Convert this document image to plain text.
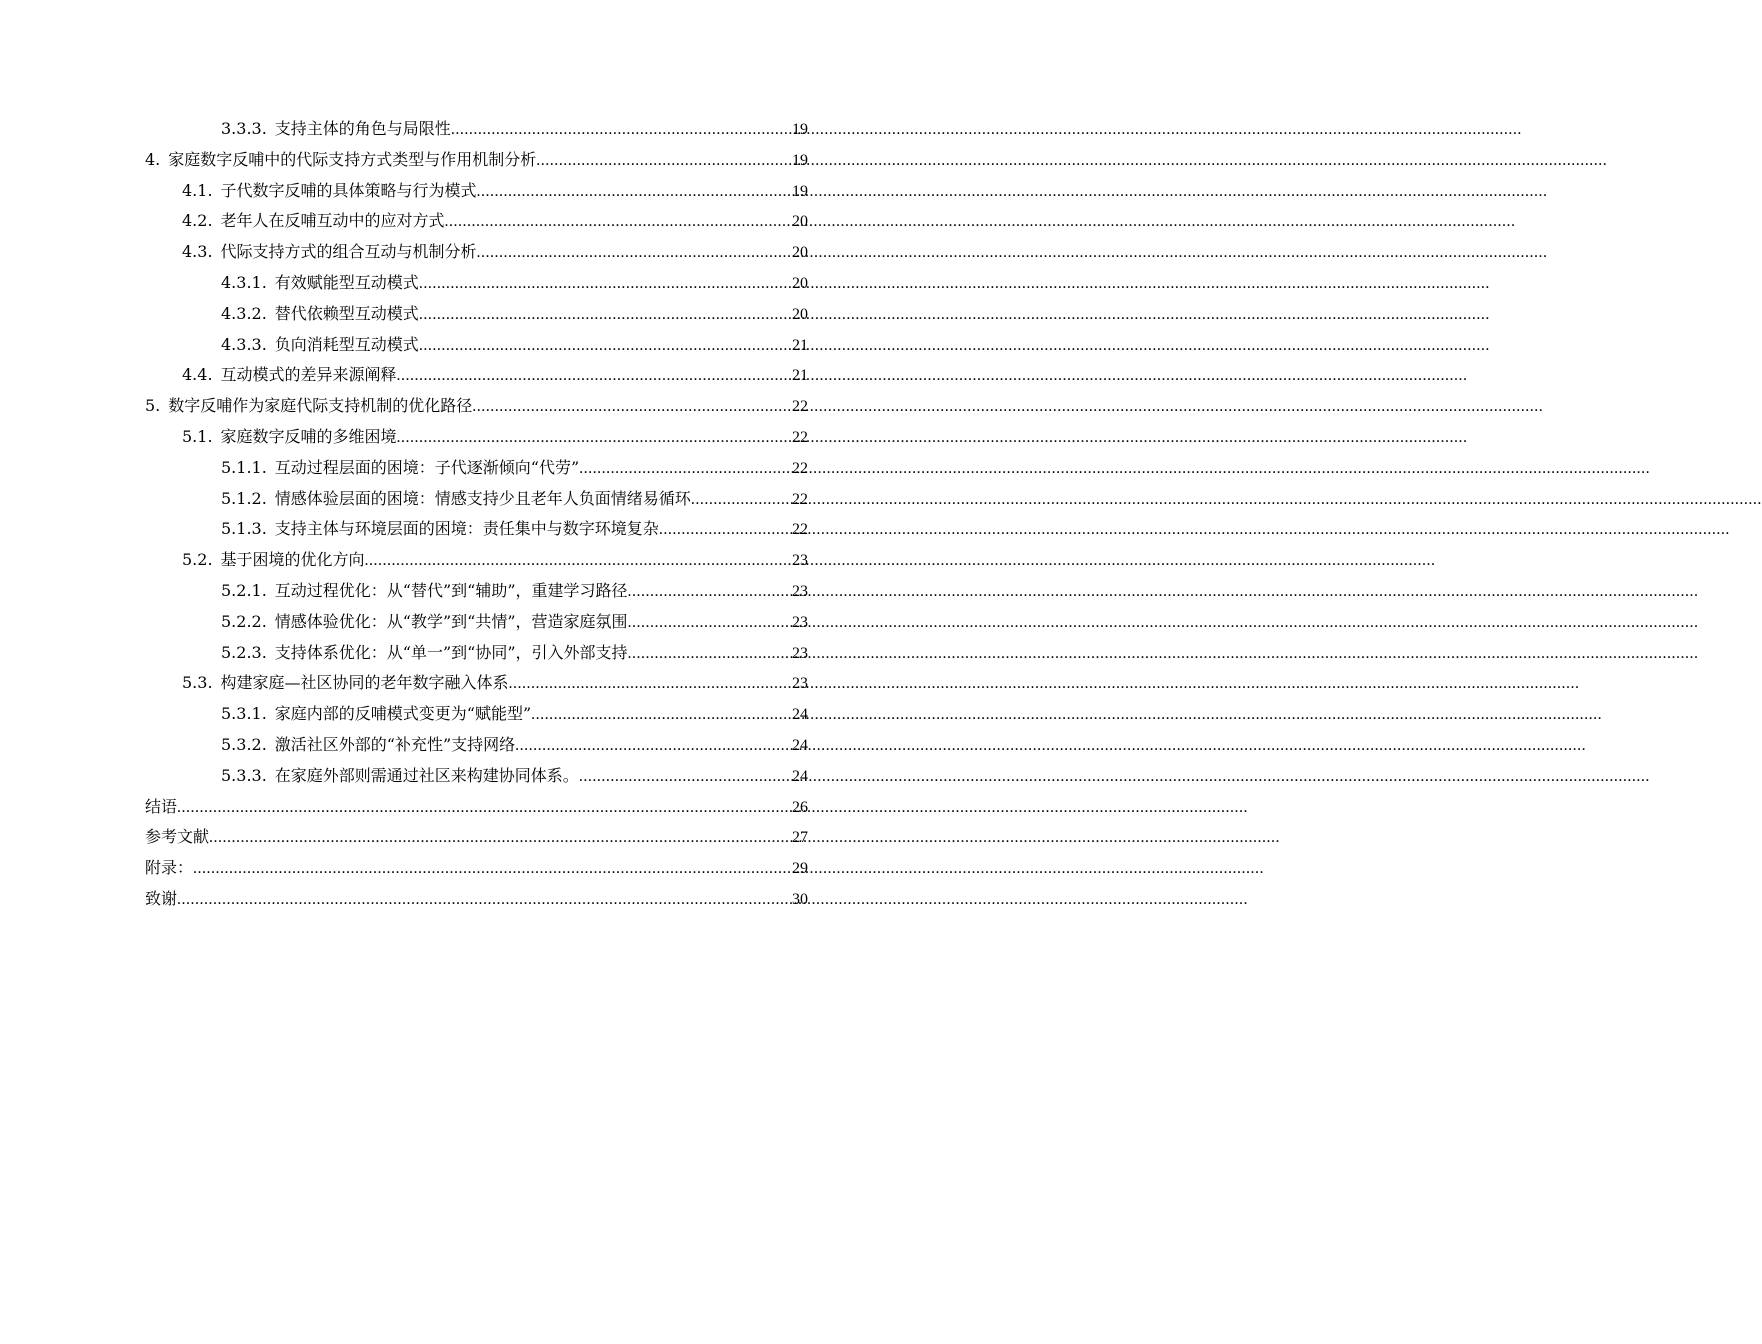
3.3.3. 支持主体的角色与局限性 .....	19
4. 家庭数字反哺中的代际支持方式类型与作用机制分析 .....	19
4.1. 子代数字反哺的具体策略与行为模式 .....	19
4.2. 老年人在反哺互动中的应对方式 .....	20
4.3. 代际支持方式的组合互动与机制分析 .....	20
4.3.1. 有效赋能型互动模式 .....	20
4.3.2. 替代依赖型互动模式 .....	20
4.3.3. 负向消耗型互动模式 .....	21
4.4. 互动模式的差异来源阐释 .....	21
5. 数字反哺作为家庭代际支持机制的优化路径 .....	22
5.1. 家庭数字反哺的多维困境 .....	22
5.1.1. 互动过程层面的困境：子代逐渐倾向“代劳” .....	22
5.1.2. 情感体验层面的困境：情感支持少且老年人负面情绪易循环 .....	22
5.1.3. 支持主体与环境层面的困境：责任集中与数字环境复杂 .....	22
5.2. 基于困境的优化方向 .....	23
5.2.1. 互动过程优化：从“替代”到“辅助”，重建学习路径 .....	23
5.2.2. 情感体验优化：从“教学”到“共情”，营造家庭氛围 .....	23
5.2.3. 支持体系优化：从“单一”到“协同”，引入外部支持 .....	23
5.3. 构建家庭—社区协同的老年数字融入体系 .....	23
5.3.1. 家庭内部的反哺模式变更为“赋能型” .....	24
5.3.2. 激活社区外部的“补充性”支持网络 .....	24
5.3.3. 在家庭外部则需通过社区来构建协同体系。 .....	24
结语 .....	26
参考文献 .....	27
附录： .....	29
致谢 .....	30
